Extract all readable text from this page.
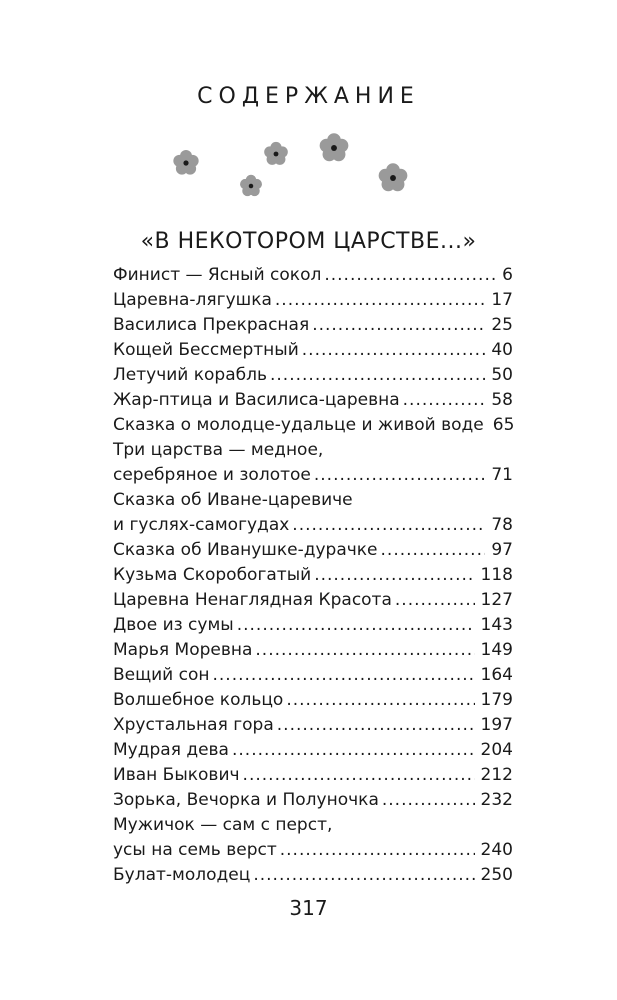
СОДЕРЖАНИЕ
«В НЕКОТОРОМ ЦАРСТВЕ...»
Финист — Ясный сокол .....	6
Царевна-лягушка .....	17
Василиса Прекрасная .....	25
Кощей Бессмертный .....	40
Летучий корабль .....	50
Жар-птица и Василиса-царевна .....	58
Сказка о молодце-удальце и живой воде 65
Три царства — медное,
серебряное и золотое .....	71
Сказка об Иване-царевиче
и гуслях-самогудах .....	78
Сказка об Иванушке-дурачке .....	97
Кузьма Скоробогатый .....	118
Царевна Ненаглядная Красота .....	127
Двое из сумы .....	143
Марья Моревна .....	149
Вещий сон .....	164
Волшебное кольцо .....	179
Хрустальная гора .....	197
Мудрая дева .....	204
Иван Быкович .....	212
Зорька, Вечорка и Полуночка .....	232
Мужичок — сам с перст,
усы на семь верст .....	240
Булат-молодец .....	250
317
